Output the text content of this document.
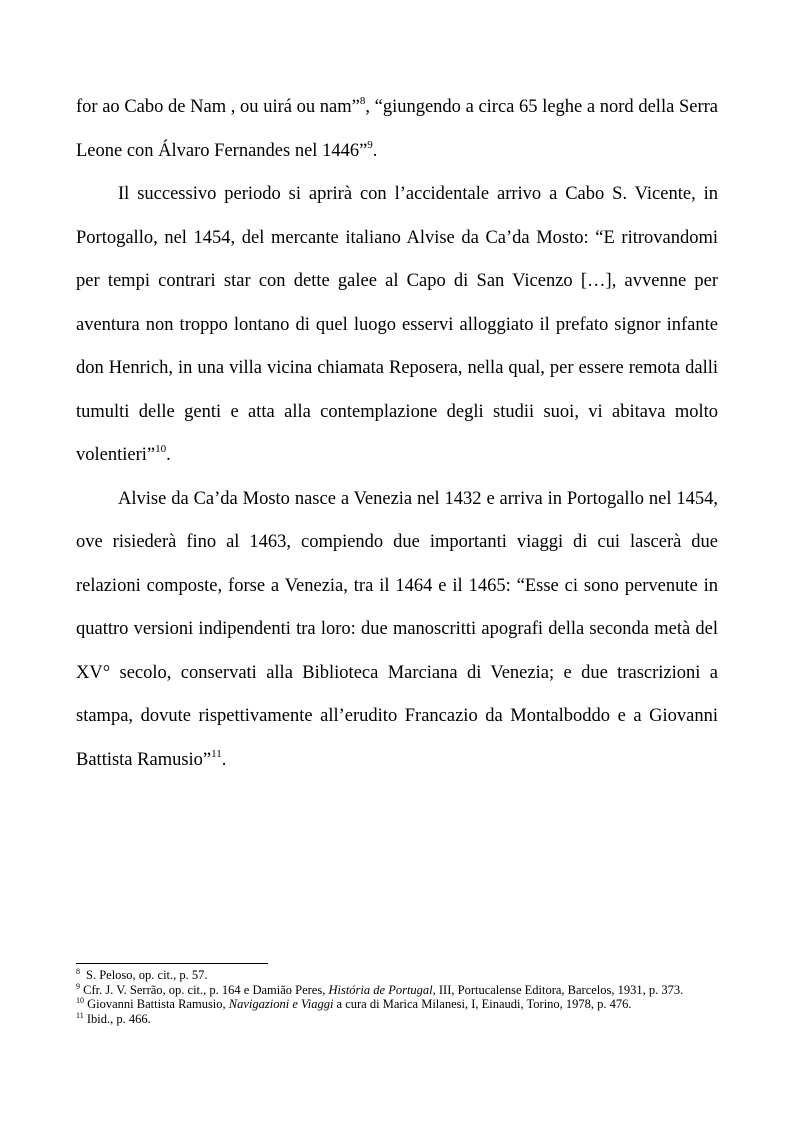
for ao Cabo de Nam , ou uirá ou nam”$^8$, “giungendo a circa 65 leghe a nord della Serra Leone con Álvaro Fernandes nel 1446”$^9$.

Il successivo periodo si aprirà con l’accidentale arrivo a Cabo S. Vicente, in Portogallo, nel 1454, del mercante italiano Alvise da Ca’da Mosto: “E ritrovandomi per tempi contrari star con dette galee al Capo di San Vicenzo […], avvenne per aventura non troppo lontano di quel luogo esservi alloggiato il prefato signor infante don Henrich, in una villa vicina chiamata Reposera, nella qual, per essere remota dalli tumulti delle genti e atta alla contemplazione degli studii suoi, vi abitava molto volentieri”$^{10}$.

Alvise da Ca’da Mosto nasce a Venezia nel 1432 e arriva in Portogallo nel 1454, ove risiederà fino al 1463, compiendo due importanti viaggi di cui lascerà due relazioni composte, forse a Venezia, tra il 1464 e il 1465: “Esse ci sono pervenute in quattro versioni indipendenti tra loro: due manoscritti apografi della seconda metà del XV° secolo, conservati alla Biblioteca Marciana di Venezia; e due trascrizioni a stampa, dovute rispettivamente all’erudito Francazio da Montalboddo e a Giovanni Battista Ramusio”$^{11}$.

$^8$ S. Peloso, op. cit., p. 57.

$^9$ Cfr. J. V. Serrão, op. cit., p. 164 e Damião Peres, História de Portugal, III, Portucalense Editora, Barcelos, 1931, p. 373.

$^{10}$ Giovanni Battista Ramusio, Navigazioni e Viaggi a cura di Marica Milanesi, I, Einaudi, Torino, 1978, p. 476.

$^{11}$ Ibid., p. 466.
